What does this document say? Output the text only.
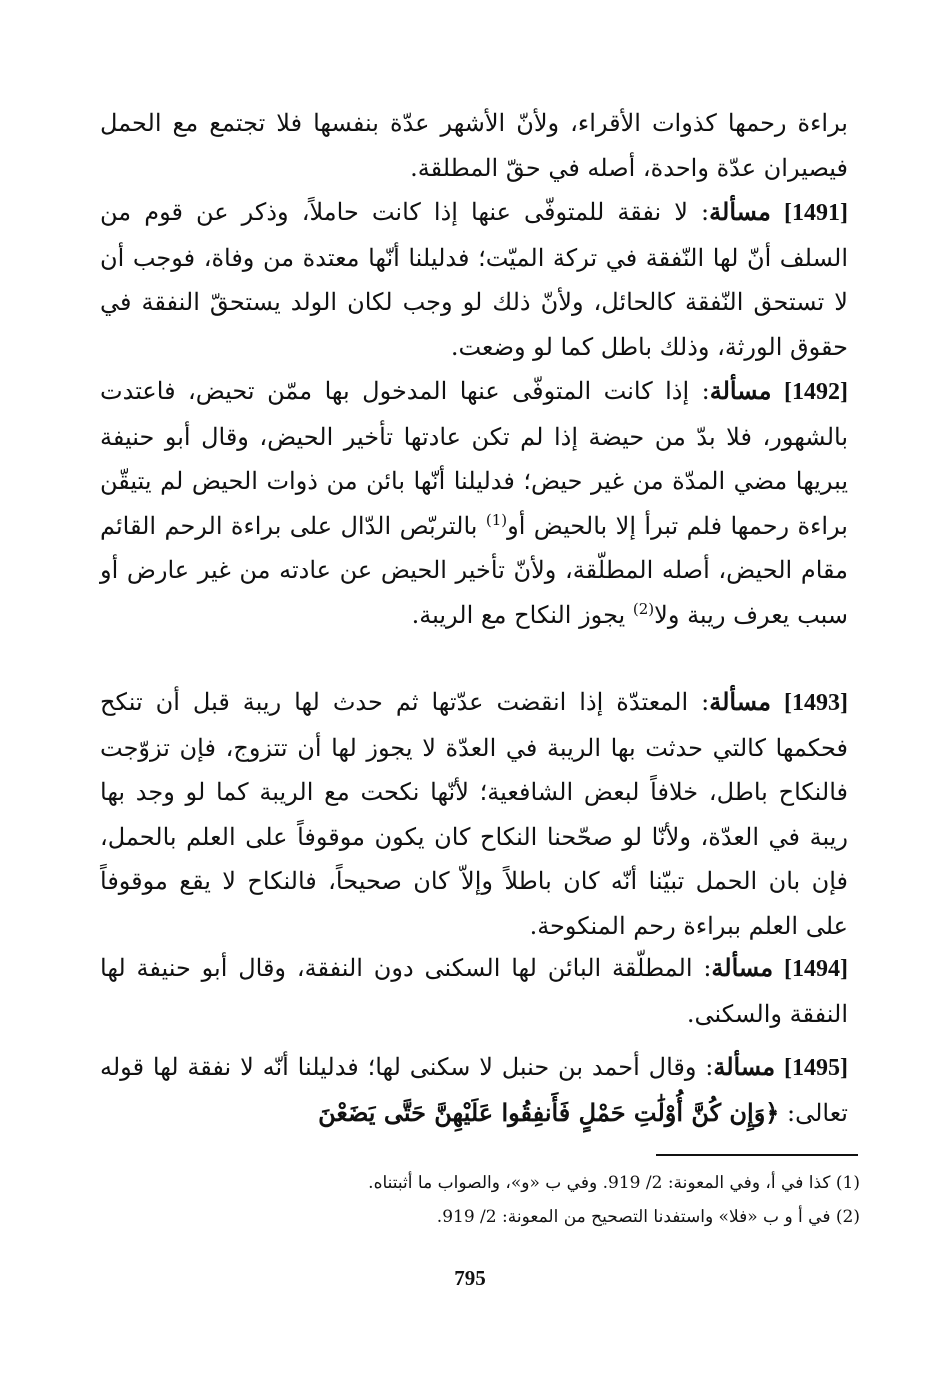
براءة رحمها كذوات الأقراء، ولأنّ الأشهر عدّة بنفسها فلا تجتمع مع الحمل فيصيران عدّة واحدة، أصله في حقّ المطلقة.

[1491] مسألة: لا نفقة للمتوفّى عنها إذا كانت حاملاً، وذكر عن قوم من السلف أنّ لها النّفقة في تركة الميّت؛ فدليلنا أنّها معتدة من وفاة، فوجب أن لا تستحق النّفقة كالحائل، ولأنّ ذلك لو وجب لكان الولد يستحقّ النفقة في حقوق الورثة، وذلك باطل كما لو وضعت.

[1492] مسألة: إذا كانت المتوفّى عنها المدخول بها ممّن تحيض، فاعتدت بالشهور، فلا بدّ من حيضة إذا لم تكن عادتها تأخير الحيض، وقال أبو حنيفة يبريها مضي المدّة من غير حيض؛ فدليلنا أنّها بائن من ذوات الحيض لم يتيقّن براءة رحمها فلم تبرأ إلا بالحيض أو$^{(1)}$ بالتربّص الدّال على براءة الرحم القائم مقام الحيض، أصله المطلّقة، ولأنّ تأخير الحيض عن عادته من غير عارض أو سبب يعرف ريبة ولا$^{(2)}$ يجوز النكاح مع الريبة.

[1493] مسألة: المعتدّة إذا انقضت عدّتها ثم حدث لها ريبة قبل أن تنكح فحكمها كالتي حدثت بها الريبة في العدّة لا يجوز لها أن تتزوج، فإن تزوّجت فالنكاح باطل، خلافاً لبعض الشافعية؛ لأنّها نكحت مع الريبة كما لو وجد بها ريبة في العدّة، ولأنّا لو صحّحنا النكاح كان يكون موقوفاً على العلم بالحمل، فإن بان الحمل تبيّنا أنّه كان باطلاً وإلاّ كان صحيحاً، فالنكاح لا يقع موقوفاً على العلم ببراءة رحم المنكوحة.

[1494] مسألة: المطلّقة البائن لها السكنى دون النفقة، وقال أبو حنيفة لها النفقة والسكنى.

[1495] مسألة: وقال أحمد بن حنبل لا سكنى لها؛ فدليلنا أنّه لا نفقة لها قوله تعالى: ﴿وَإِن كُنَّ أُوْلَٰتِ حَمْلٍ فَأَنفِقُوا عَلَيْهِنَّ حَتَّى يَضَعْنَ

(1) كذا في أ، وفي المعونة: 2/ 919. وفي ب «و»، والصواب ما أثبتناه.

(2) في أ و ب «فلا» واستفدنا التصحيح من المعونة: 2/ 919.

795
